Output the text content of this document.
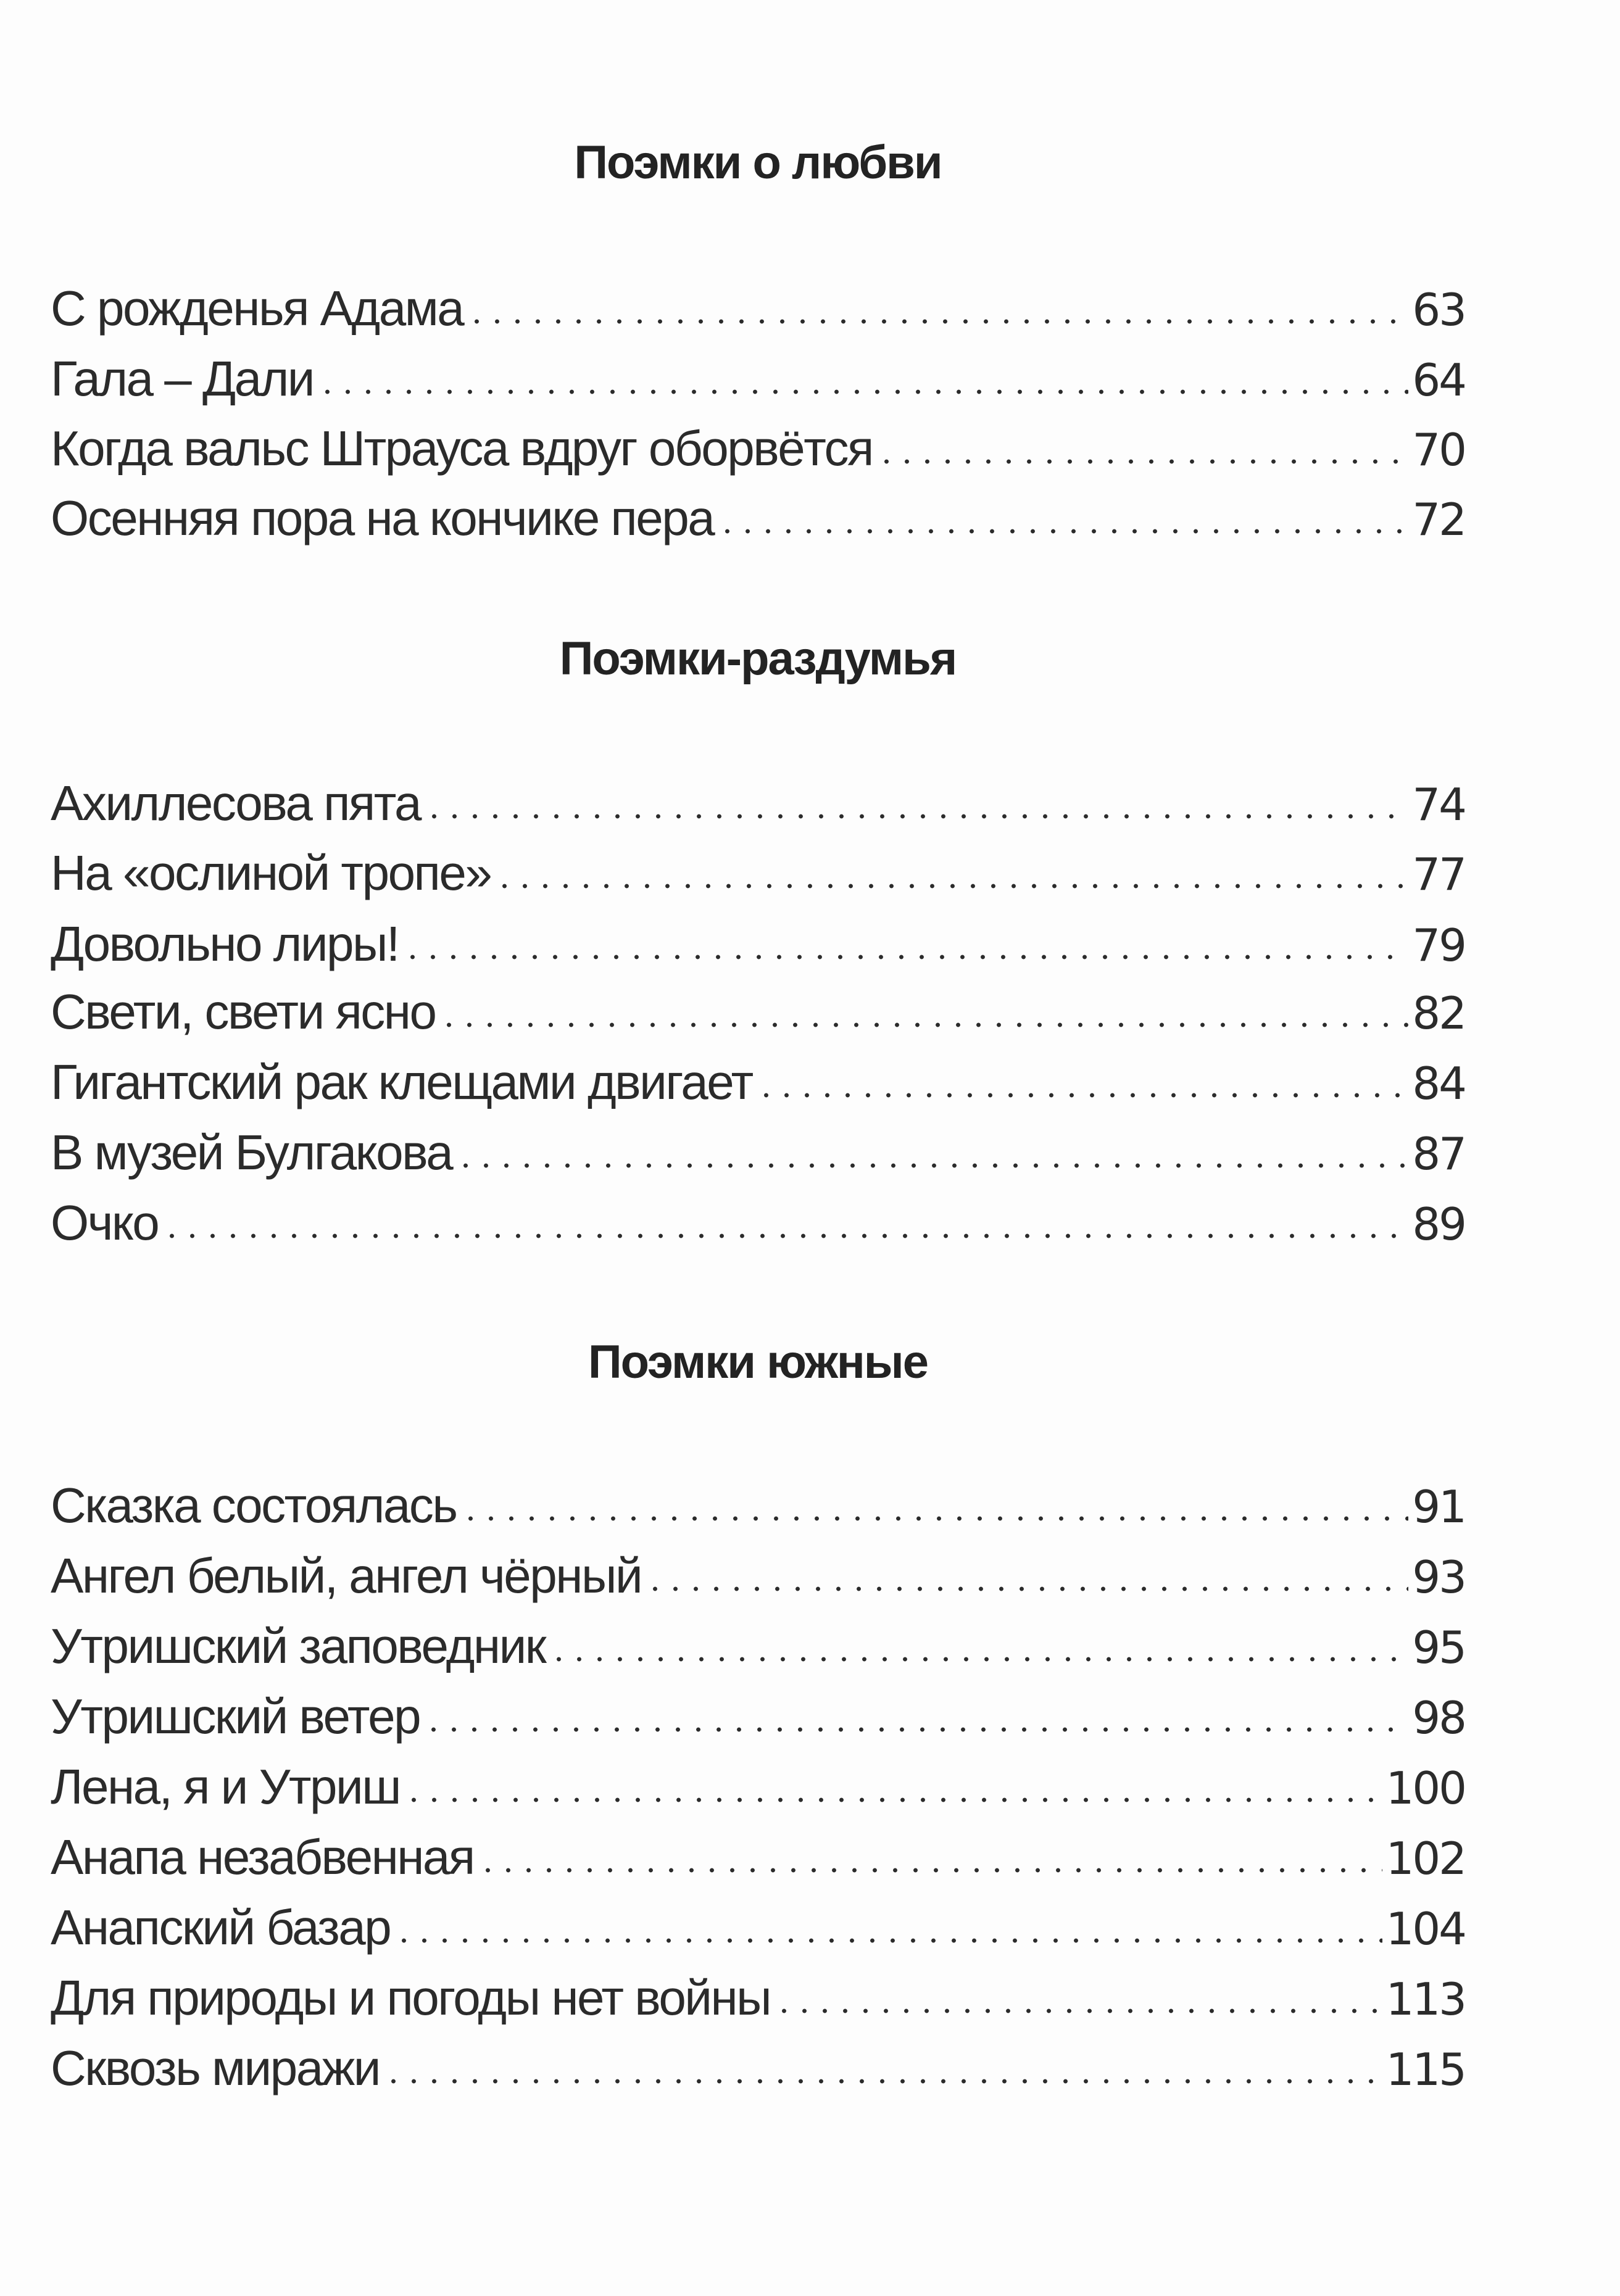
Поэмки о любви
С рожденья Адама	63
Гала – Дали	64
Когда вальс Штрауса вдруг оборвётся	70
Осенняя пора на кончике пера	72
Поэмки-раздумья
Ахиллесова пята	74
На «ослиной тропе»	77
Довольно лиры!	79
Свети, свети ясно	82
Гигантский рак клещами двигает	84
В музей Булгакова	87
Очко	89
Поэмки южные
Сказка состоялась	91
Ангел белый, ангел чёрный	93
Утришский заповедник	95
Утришский ветер	98
Лена, я и Утриш	100
Анапа незабвенная	102
Анапский базар	104
Для природы и погоды нет войны	113
Сквозь миражи	115
